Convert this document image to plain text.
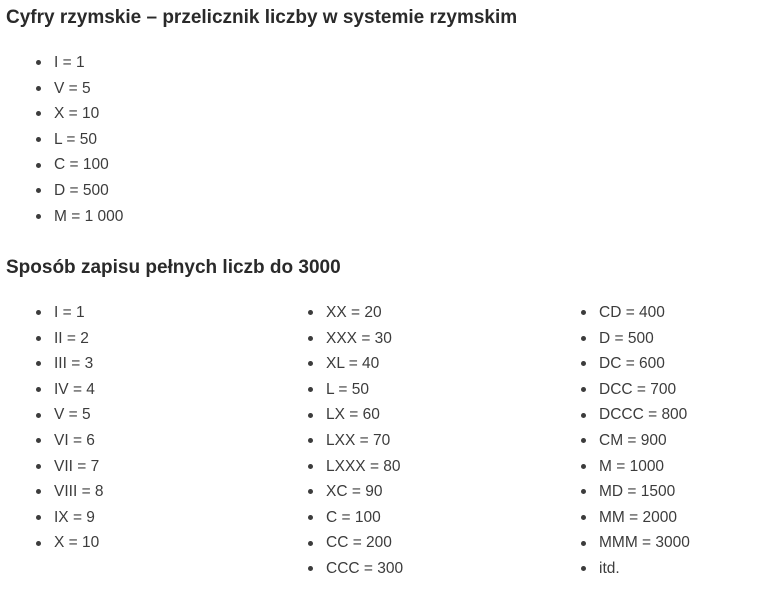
Cyfry rzymskie – przelicznik liczby w systemie rzymskim
I = 1
V = 5
X = 10
L = 50
C = 100
D = 500
M = 1 000
Sposób zapisu pełnych liczb do 3000
I = 1
II = 2
III = 3
IV = 4
V = 5
VI = 6
VII = 7
VIII = 8
IX = 9
X = 10
XX = 20
XXX = 30
XL = 40
L = 50
LX = 60
LXX = 70
LXXX = 80
XC = 90
C = 100
CC = 200
CCC = 300
CD = 400
D = 500
DC = 600
DCC = 700
DCCC = 800
CM = 900
M = 1000
MD = 1500
MM = 2000
MMM = 3000
itd.
